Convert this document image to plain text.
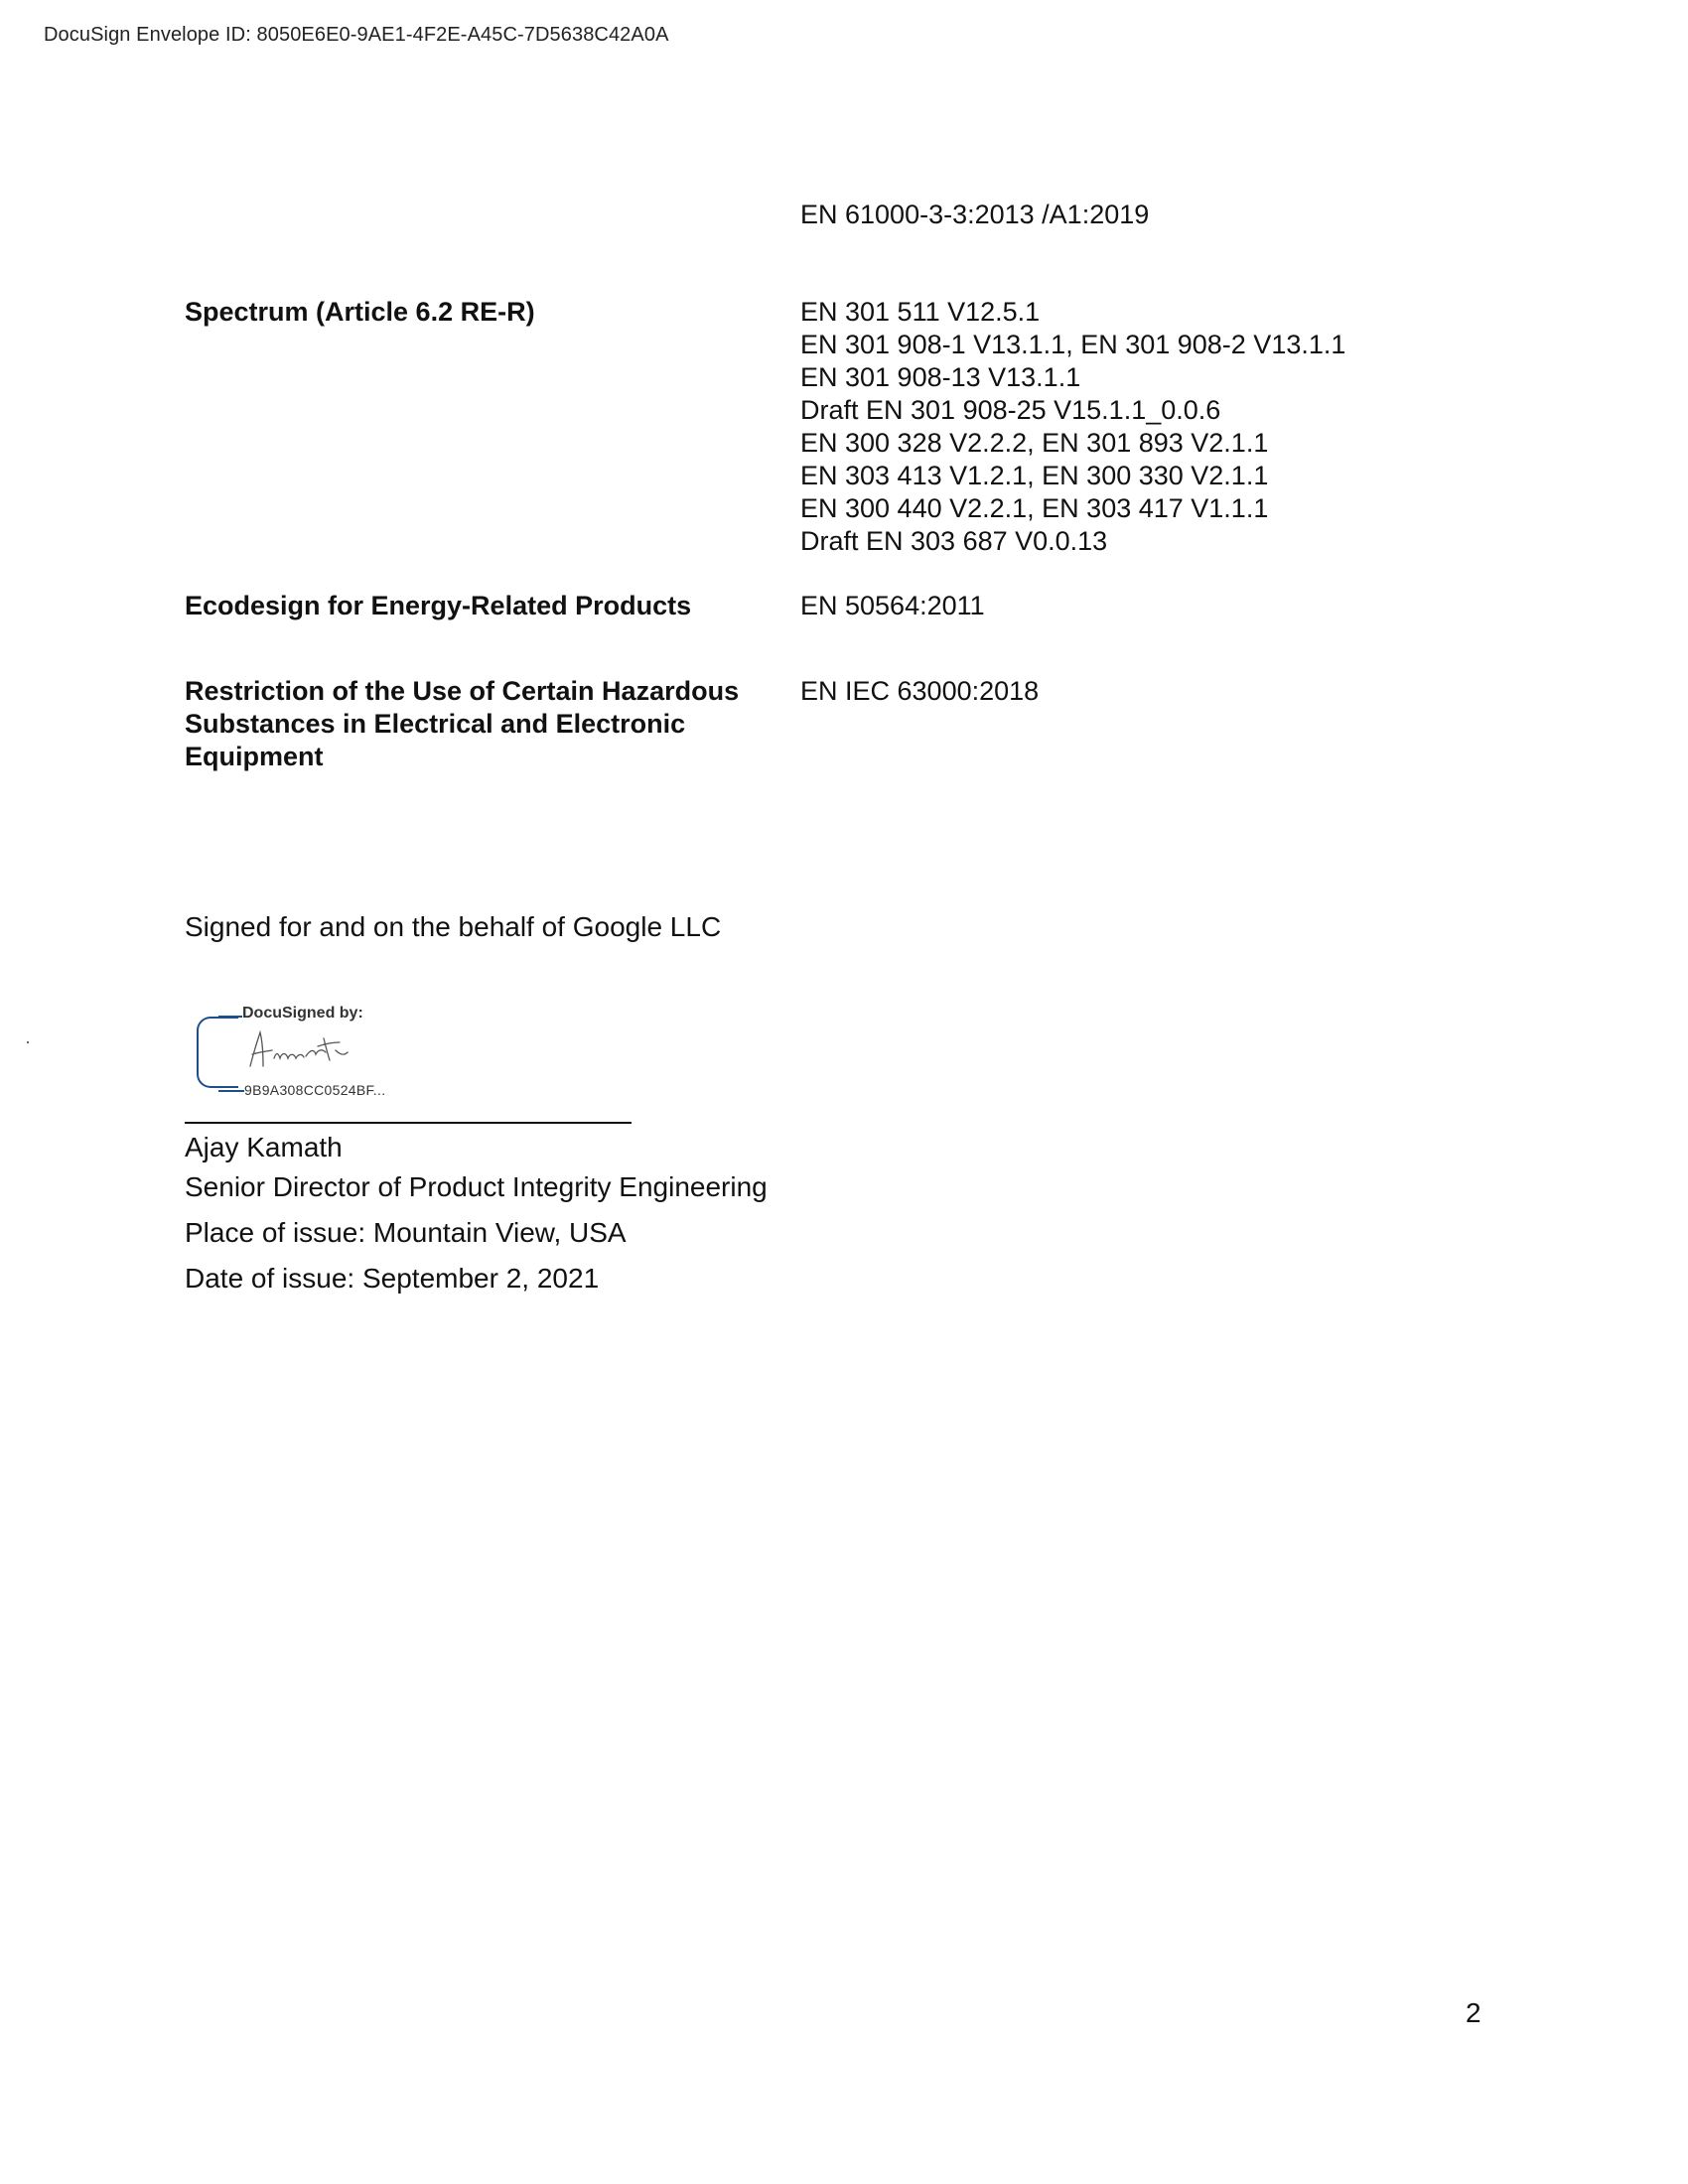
DocuSign Envelope ID: 8050E6E0-9AE1-4F2E-A45C-7D5638C42A0A
EN 61000-3-3:2013 /A1:2019
Spectrum (Article 6.2 RE-R)	EN 301 511 V12.5.1
EN 301 908-1 V13.1.1, EN 301 908-2 V13.1.1
EN 301 908-13 V13.1.1
Draft EN 301 908-25 V15.1.1_0.0.6
EN 300 328 V2.2.2, EN 301 893 V2.1.1
EN 303 413 V1.2.1, EN 300 330 V2.1.1
EN 300 440 V2.2.1, EN 303 417 V1.1.1
Draft EN 303 687 V0.0.13
Ecodesign for Energy-Related Products	EN 50564:2011
Restriction of the Use of Certain Hazardous
Substances in Electrical and Electronic
Equipment
EN IEC 63000:2018
Signed for and on the behalf of Google LLC
DocuSigned by:
9B9A308CC0524BF...
Ajay Kamath
Senior Director of Product Integrity Engineering
Place of issue: Mountain View, USA
Date of issue: September 2, 2021
2
